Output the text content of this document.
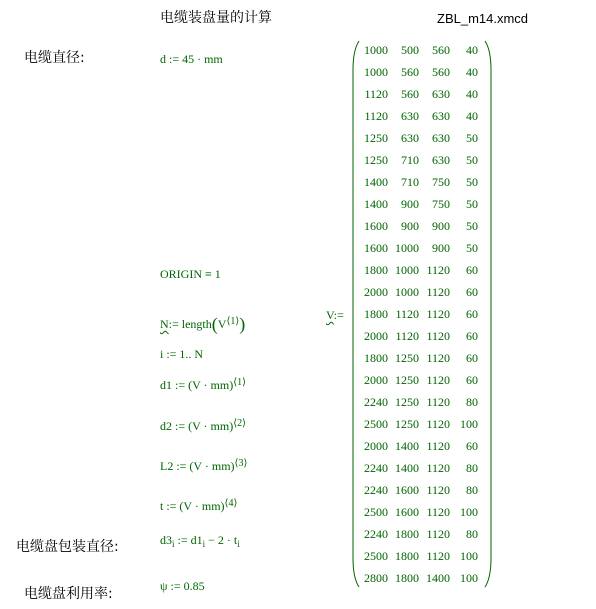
电缆装盘量的计算	ZBL_m14.xmcd
电缆直径:
电缆盘包装直径:
电缆盘利用率:
d := 45 · mm
ORIGIN ≡ 1
N:= $length(V^{⟨1⟩})$
i := 1.. N
d1 := (V · mm)$^{⟨1⟩}$
d2 := (V · mm)$^{⟨2⟩}$
L2 := (V · mm)$^{⟨3⟩}$
t := (V · mm)$^{⟨4⟩}$
$d3_i$ := $d1_i - 2 \cdot t_i$
ψ := 0.85
V:=
1000 500 560 40
1000 560 560 40
1120 560 630 40
1120 630 630 40
1250 630 630 50
1250 710 630 50
1400 710 750 50
1400 900 750 50
1600 900 900 50
1600 1000 900 50
1800 1000 1120 60
2000 1000 1120 60
1800 1120 1120 60
2000 1120 1120 60
1800 1250 1120 60
2000 1250 1120 60
2240 1250 1120 80
2500 1250 1120 100
2000 1400 1120 60
2240 1400 1120 80
2240 1600 1120 80
2500 1600 1120 100
2240 1800 1120 80
2500 1800 1120 100
2800 1800 1400 100
